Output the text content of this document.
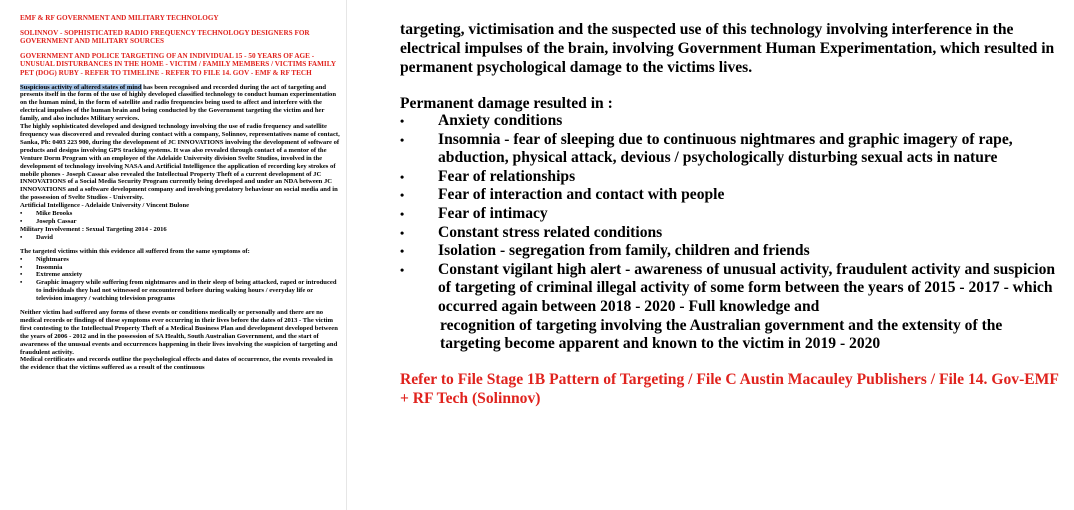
EMF & RF GOVERNMENT AND MILITARY TECHNOLOGY

SOLINNOV - SOPHISTICATED RADIO FREQUENCY TECHNOLOGY DESIGNERS FOR GOVERNMENT AND MILITARY SOURCES

GOVERNMENT AND POLICE TARGETING OF AN INDIVIDUAL 15 - 50 YEARS OF AGE - UNUSUAL DISTURBANCES IN THE HOME - VICTIM / FAMILY MEMBERS / VICTIMS FAMILY PET (DOG) RUBY - REFER TO TIMELINE - REFER TO FILE 14. GOV - EMF & RF TECH

Suspicious activity of altered states of mind has been recognised and recorded during the act of targeting and presents itself in the form of the use of highly developed classified technology to conduct human experimentation on the human mind, in the form of satellite and radio frequencies being used to affect and interfere with the electrical impulses of the human brain and being conducted by the Government targeting the victim and her family, and also includes Military services.

The highly sophisticated developed and designed technology involving the use of radio frequency and satellite frequency was discovered and revealed during contact with a company, Solinnov, representatives name of contact, Sanka, Ph: 0403 223 900, during the development of JC INNOVATIONS involving the development of software of products and designs involving GPS tracking systems. It was also revealed through contact of a mentor of the Venture Dorm Program with an employee of the Adelaide University division Svelte Studios, involved in the development of technology involving NASA and Artificial Intelligence the application of recording key strokes of mobile phones - Joseph Cassar also revealed the Intellectual Property Theft of a current development of JC INNOVATIONS of a Social Media Security Program currently being developed and under an NDA between JC INNOVATIONS and a software development company and involving predatory behaviour on social media and in the possession of Svelte Studios - University.

Artificial Intelligence - Adelaide University / Vincent Bulone

• Mike Brooks
• Joseph Cassar

Military Involvement : Sexual Targeting 2014 - 2016

• David

The targeted victims within this evidence all suffered from the same symptoms of:

• Nightmares
• Insomnia
• Extreme anxiety
• Graphic imagery while suffering from nightmares and in their sleep of being attacked, raped or introduced to individuals they had not witnessed or encountered before during waking hours / everyday life or television imagery / watching television programs

Neither victim had suffered any forms of these events or conditions medically or personally and there are no medical records or findings of these symptoms ever occurring in their lives before the dates of 2013 - The victim first contesting to the Intellectual Property Theft of a Medical Business Plan and development developed between the years of 2006 - 2012 and in the possession of SA Health, South Australian Government, and the start of awareness of the unusual events and occurrences happening in their lives involving the suspicion of targeting and fraudulent activity.

Medical certificates and records outline the psychological effects and dates of occurrence, the events revealed in the evidence that the victims suffered as a result of the continuous

targeting, victimisation and the suspected use of this technology involving interference in the electrical impulses of the brain, involving Government Human Experimentation, which resulted in permanent psychological damage to the victims lives.

Permanent damage resulted in :

• Anxiety conditions
• Insomnia - fear of sleeping due to continuous nightmares and graphic imagery of rape, abduction, physical attack, devious / psychologically disturbing sexual acts in nature
• Fear of relationships
• Fear of interaction and contact with people
• Fear of intimacy
• Constant stress related conditions
• Isolation - segregation from family, children and friends
• Constant vigilant high alert - awareness of unusual activity, fraudulent activity and suspicion of targeting of criminal illegal activity of some form between the years of 2015 - 2017 - which occurred again between 2018 - 2020 - Full knowledge and
recognition of targeting involving the Australian government and the extensity of the targeting become apparent and known to the victim in 2019 - 2020

Refer to File Stage 1B Pattern of Targeting / File C Austin Macauley Publishers / File 14. Gov-EMF + RF Tech (Solinnov)
